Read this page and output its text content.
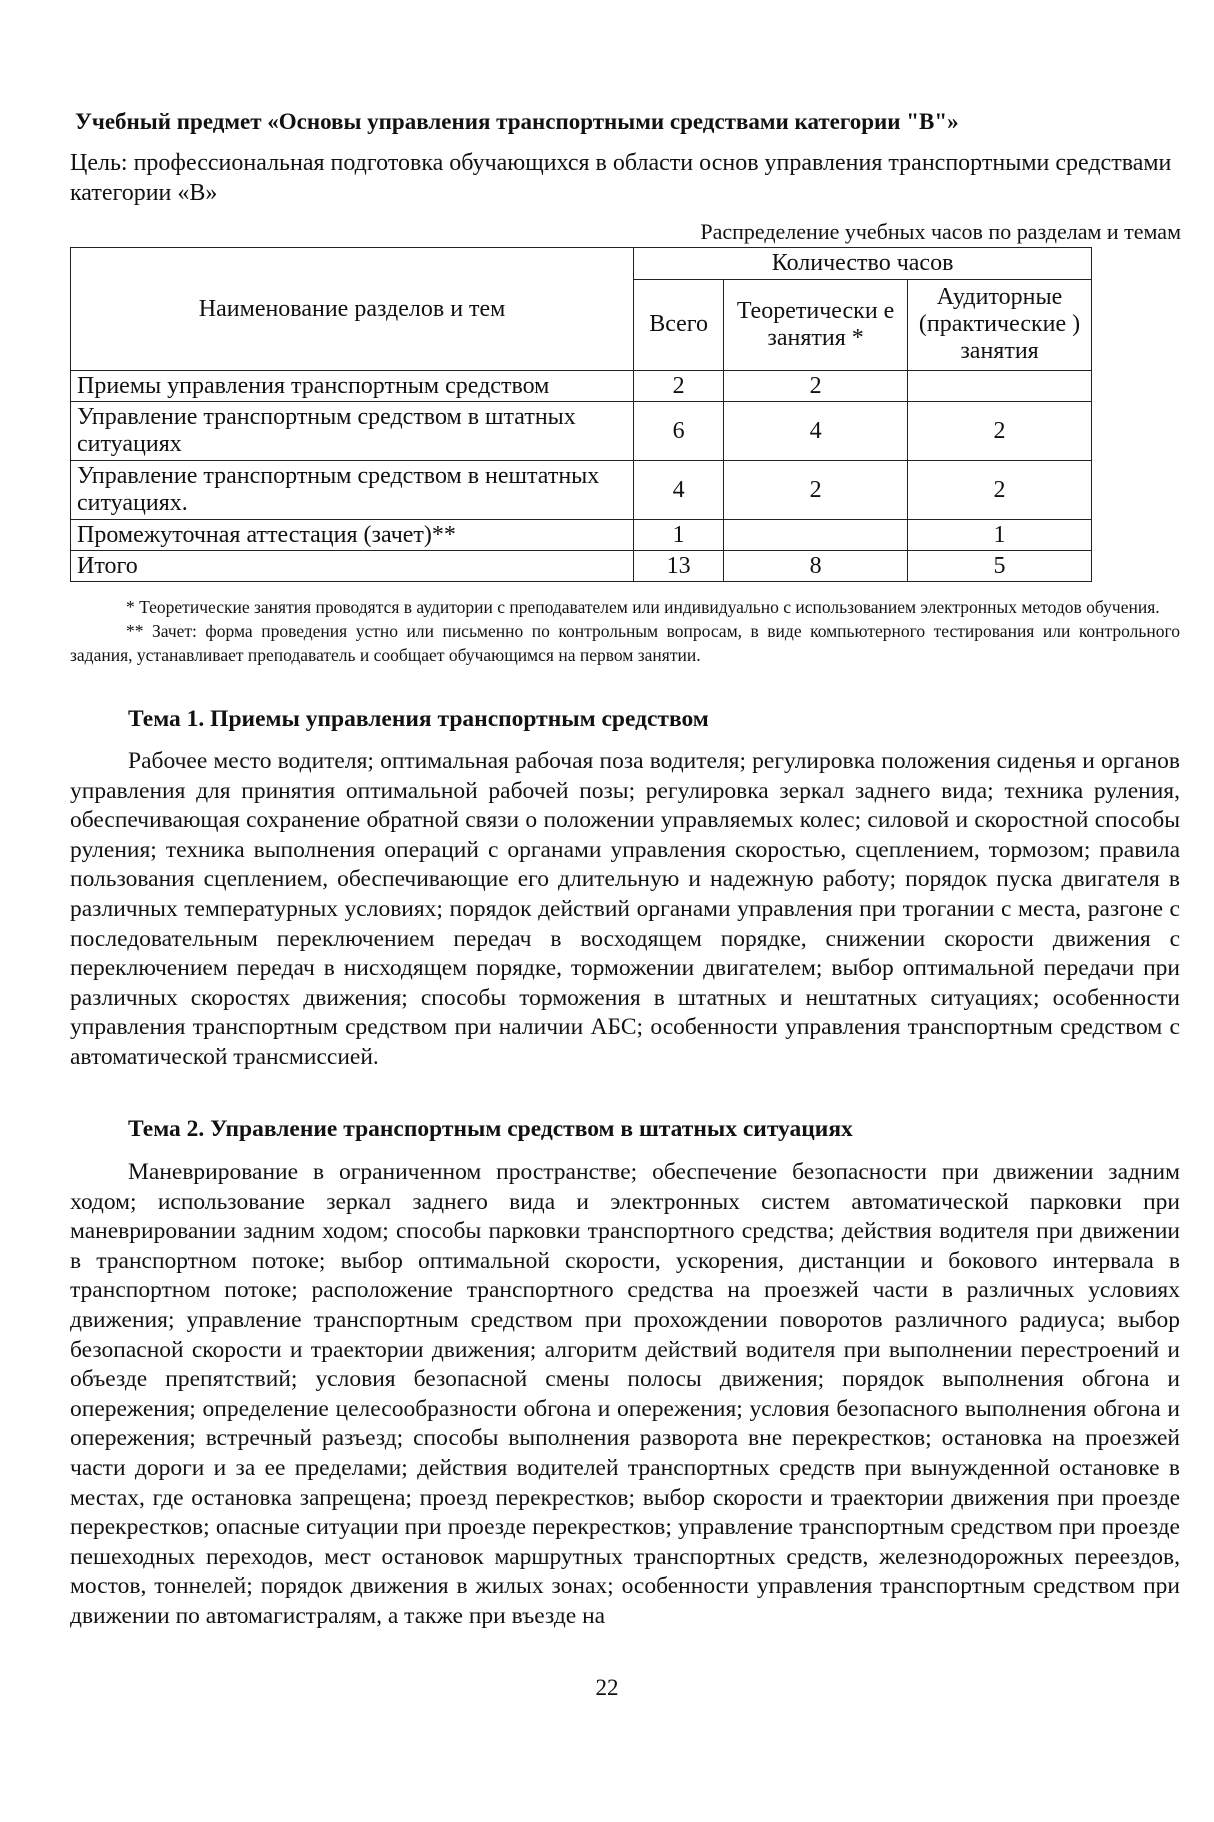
Учебный предмет «Основы управления транспортными средствами категории "B"»
Цель: профессиональная подготовка обучающихся в области основ управления транспортными средствами категории «B»
Распределение учебных часов по разделам и темам
Наименование разделов и тем	Количество часов		
	Всего	Теоретически е занятия *	Аудиторные (практические ) занятия
Приемы управления транспортным средством	2	2	
Управление транспортным средством в штатных ситуациях	6	4	2
Управление транспортным средством в нештатных ситуациях.	4	2	2
Промежуточная аттестация (зачет)**	1		1
Итого	13	8	5

* Теоретические занятия проводятся в аудитории с преподавателем или индивидуально с использованием электронных методов обучения.

** Зачет: форма проведения устно или письменно по контрольным вопросам, в виде компьютерного тестирования или контрольного задания, устанавливает преподаватель и сообщает обучающимся на первом занятии.

Тема 1. Приемы управления транспортным средством
Рабочее место водителя; оптимальная рабочая поза водителя; регулировка положения сиденья и органов управления для принятия оптимальной рабочей позы; регулировка зеркал заднего вида; техника руления, обеспечивающая сохранение обратной связи о положении управляемых колес; силовой и скоростной способы руления; техника выполнения операций с органами управления скоростью, сцеплением, тормозом; правила пользования сцеплением, обеспечивающие его длительную и надежную работу; порядок пуска двигателя в различных температурных условиях; порядок действий органами управления при трогании с места, разгоне с последовательным переключением передач в восходящем порядке, снижении скорости движения с переключением передач в нисходящем порядке, торможении двигателем; выбор оптимальной передачи при различных скоростях движения; способы торможения в штатных и нештатных ситуациях; особенности управления транспортным средством при наличии АБС; особенности управления транспортным средством с автоматической трансмиссией.
Тема 2. Управление транспортным средством в штатных ситуациях
Маневрирование в ограниченном пространстве; обеспечение безопасности при движении задним ходом; использование зеркал заднего вида и электронных систем автоматической парковки при маневрировании задним ходом; способы парковки транспортного средства; действия водителя при движении в транспортном потоке; выбор оптимальной скорости, ускорения, дистанции и бокового интервала в транспортном потоке; расположение транспортного средства на проезжей части в различных условиях движения; управление транспортным средством при прохождении поворотов различного радиуса; выбор безопасной скорости и траектории движения; алгоритм действий водителя при выполнении перестроений и объезде препятствий; условия безопасной смены полосы движения; порядок выполнения обгона и опережения; определение целесообразности обгона и опережения; условия безопасного выполнения обгона и опережения; встречный разъезд; способы выполнения разворота вне перекрестков; остановка на проезжей части дороги и за ее пределами; действия водителей транспортных средств при вынужденной остановке в местах, где остановка запрещена; проезд перекрестков; выбор скорости и траектории движения при проезде перекрестков; опасные ситуации при проезде перекрестков; управление транспортным средством при проезде пешеходных переходов, мест остановок маршрутных транспортных средств, железнодорожных переездов, мостов, тоннелей; порядок движения в жилых зонах; особенности управления транспортным средством при движении по автомагистралям, а также при въезде на
22
